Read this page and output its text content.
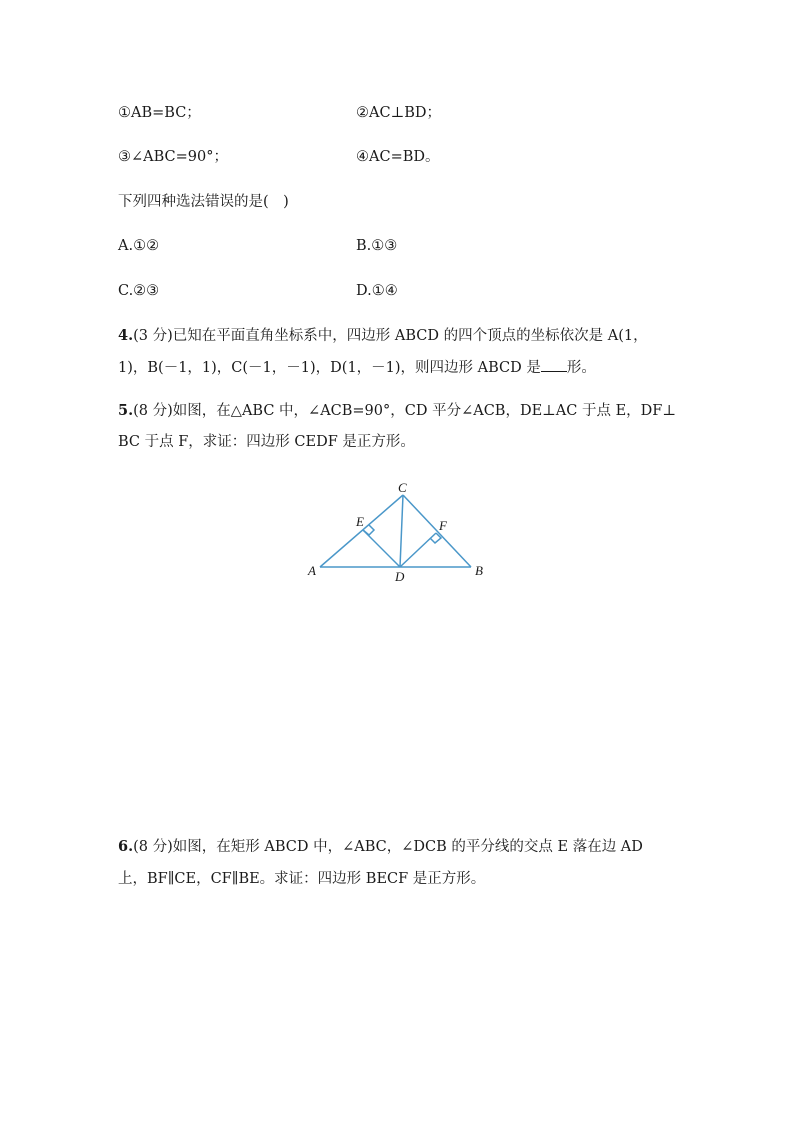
①AB=BC；	②AC⊥BD；
③∠ABC=90°；	④AC=BD。
下列四种选法错误的是(　)
A.①②	B.①③
C.②③	D.①④
4.(3 分)已知在平面直角坐标系中，四边形 ABCD 的四个顶点的坐标依次是 A(1，
1)，B(－1，1)，C(－1，－1)，D(1，－1)，则四边形 ABCD 是 形。
5.(8 分)如图，在△ABC 中，∠ACB=90°，CD 平分∠ACB，DE⊥AC 于点 E，DF⊥
BC 于点 F，求证：四边形 CEDF 是正方形。
A	B
C
D
E	F
6.(8 分)如图，在矩形 ABCD 中，∠ABC，∠DCB 的平分线的交点 E 落在边 AD
上，BF∥CE，CF∥BE。求证：四边形 BECF 是正方形。
